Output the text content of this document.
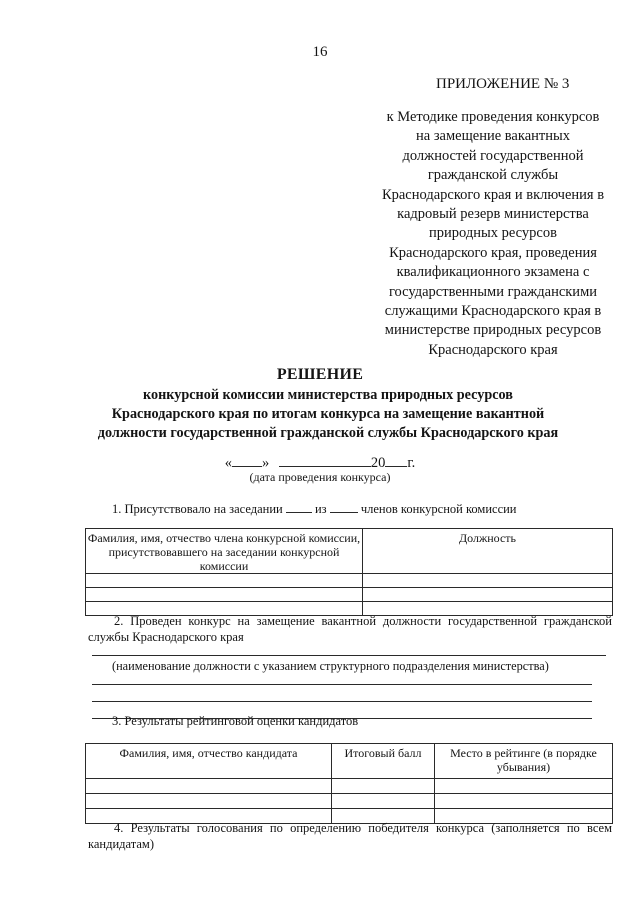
16
ПРИЛОЖЕНИЕ № 3
к Методике проведения конкурсов
на замещение вакантных
должностей государственной
гражданской службы
Краснодарского края и включения в
кадровый резерв министерства
природных ресурсов
Краснодарского края, проведения
квалификационного экзамена с
государственными гражданскими
служащими Краснодарского края в
министерстве природных ресурсов
Краснодарского края
РЕШЕНИЕ
конкурсной комиссии министерства природных ресурсов
Краснодарского края по итогам конкурса на замещение вакантной
должности государственной гражданской службы Краснодарского края
« »	20 г.
(дата проведения конкурса)
1. Присутствовало на заседании	из	членов конкурсной комиссии
Фамилия, имя, отчество члена конкурсной комиссии, присутствовавшего на заседании конкурсной комиссии	Должность

2. Проведен конкурс на замещение вакантной должности государственной гражданской службы Краснодарского края
(наименование должности с указанием структурного подразделения министерства)
3. Результаты рейтинговой оценки кандидатов
Фамилия, имя, отчество кандидата	Итоговый балл	Место в рейтинге (в порядке убывания)

4. Результаты голосования по определению победителя конкурса (заполняется по всем кандидатам)
